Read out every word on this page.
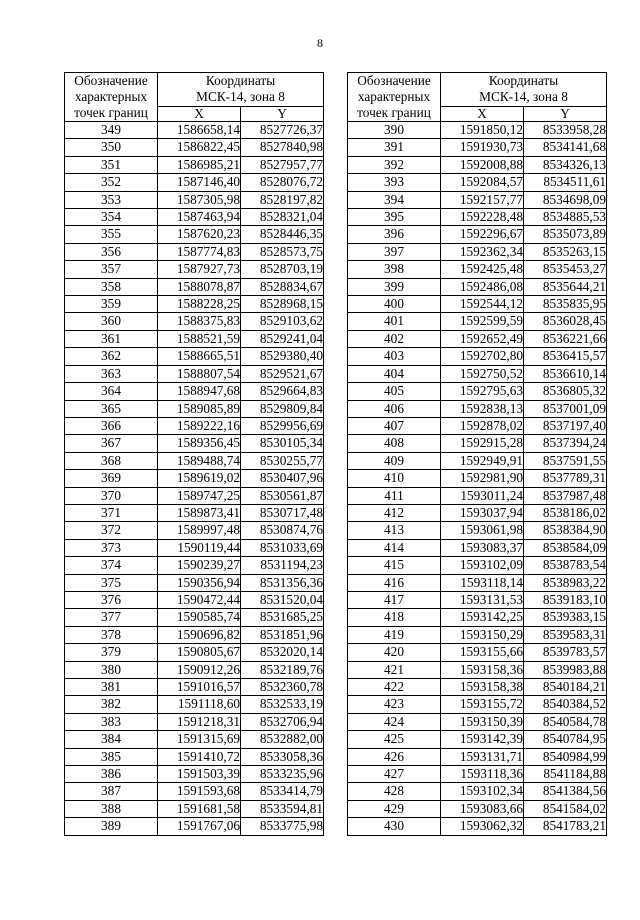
8
Обозначение
характерных
точек границ	Координаты
МСК-14, зона 8	
	X	Y
349	1586658,14	8527726,37
350	1586822,45	8527840,98
351	1586985,21	8527957,77
352	1587146,40	8528076,72
353	1587305,98	8528197,82
354	1587463,94	8528321,04
355	1587620,23	8528446,35
356	1587774,83	8528573,75
357	1587927,73	8528703,19
358	1588078,87	8528834,67
359	1588228,25	8528968,15
360	1588375,83	8529103,62
361	1588521,59	8529241,04
362	1588665,51	8529380,40
363	1588807,54	8529521,67
364	1588947,68	8529664,83
365	1589085,89	8529809,84
366	1589222,16	8529956,69
367	1589356,45	8530105,34
368	1589488,74	8530255,77
369	1589619,02	8530407,96
370	1589747,25	8530561,87
371	1589873,41	8530717,48
372	1589997,48	8530874,76
373	1590119,44	8531033,69
374	1590239,27	8531194,23
375	1590356,94	8531356,36
376	1590472,44	8531520,04
377	1590585,74	8531685,25
378	1590696,82	8531851,96
379	1590805,67	8532020,14
380	1590912,26	8532189,76
381	1591016,57	8532360,78
382	1591118,60	8532533,19
383	1591218,31	8532706,94
384	1591315,69	8532882,00
385	1591410,72	8533058,36
386	1591503,39	8533235,96
387	1591593,68	8533414,79
388	1591681,58	8533594,81
389	1591767,06	8533775,98
Обозначение
характерных
точек границ	Координаты
МСК-14, зона 8	
	X	Y
390	1591850,12	8533958,28
391	1591930,73	8534141,68
392	1592008,88	8534326,13
393	1592084,57	8534511,61
394	1592157,77	8534698,09
395	1592228,48	8534885,53
396	1592296,67	8535073,89
397	1592362,34	8535263,15
398	1592425,48	8535453,27
399	1592486,08	8535644,21
400	1592544,12	8535835,95
401	1592599,59	8536028,45
402	1592652,49	8536221,66
403	1592702,80	8536415,57
404	1592750,52	8536610,14
405	1592795,63	8536805,32
406	1592838,13	8537001,09
407	1592878,02	8537197,40
408	1592915,28	8537394,24
409	1592949,91	8537591,55
410	1592981,90	8537789,31
411	1593011,24	8537987,48
412	1593037,94	8538186,02
413	1593061,98	8538384,90
414	1593083,37	8538584,09
415	1593102,09	8538783,54
416	1593118,14	8538983,22
417	1593131,53	8539183,10
418	1593142,25	8539383,15
419	1593150,29	8539583,31
420	1593155,66	8539783,57
421	1593158,36	8539983,88
422	1593158,38	8540184,21
423	1593155,72	8540384,52
424	1593150,39	8540584,78
425	1593142,39	8540784,95
426	1593131,71	8540984,99
427	1593118,36	8541184,88
428	1593102,34	8541384,56
429	1593083,66	8541584,02
430	1593062,32	8541783,21
